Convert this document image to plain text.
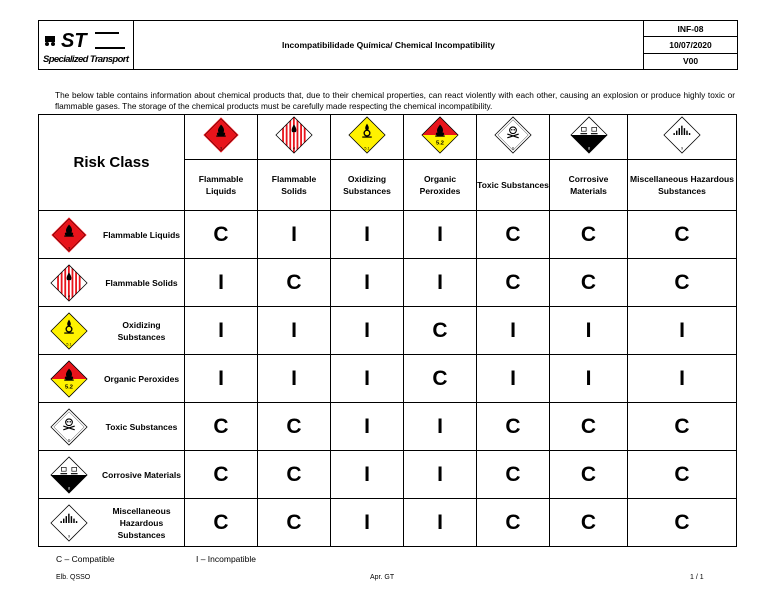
ST
Specialized Transport
Incompatibilidade Química/ Chemical Incompatibility
INF-08
10/07/2020
V00

The below table contains information about chemical products that, due to their chemical properties, can react violently with each other, causing an explosion or produce highly toxic or flammable gases. The storage of the chemical products must be carefully made respecting the chemical incompatibility.

Risk Class	3	4	5.1	5.2	6	8	9

	Flammable Liquids	Flammable Solids	Oxidizing Substances	Organic Peroxides	Toxic Substances	Corrosive Materials	Miscellaneous Hazardous Substances

3
Flammable Liquids	C	I	I	I	C	C	C

4
Flammable Solids	I	C	I	I	C	C	C

5.1
Oxidizing Substances	I	I	I	C	I	I	I

5.2
Organic Peroxides	I	I	I	C	I	I	I

6
Toxic Substances	C	C	I	I	C	C	C

8
Corrosive Materials	C	C	I	I	C	C	C

9
Miscellaneous Hazardous Substances	C	C	I	I	C	C	C
C – Compatible	I – Incompatible
Elb. QSSO	Apr. GT	1 / 1
